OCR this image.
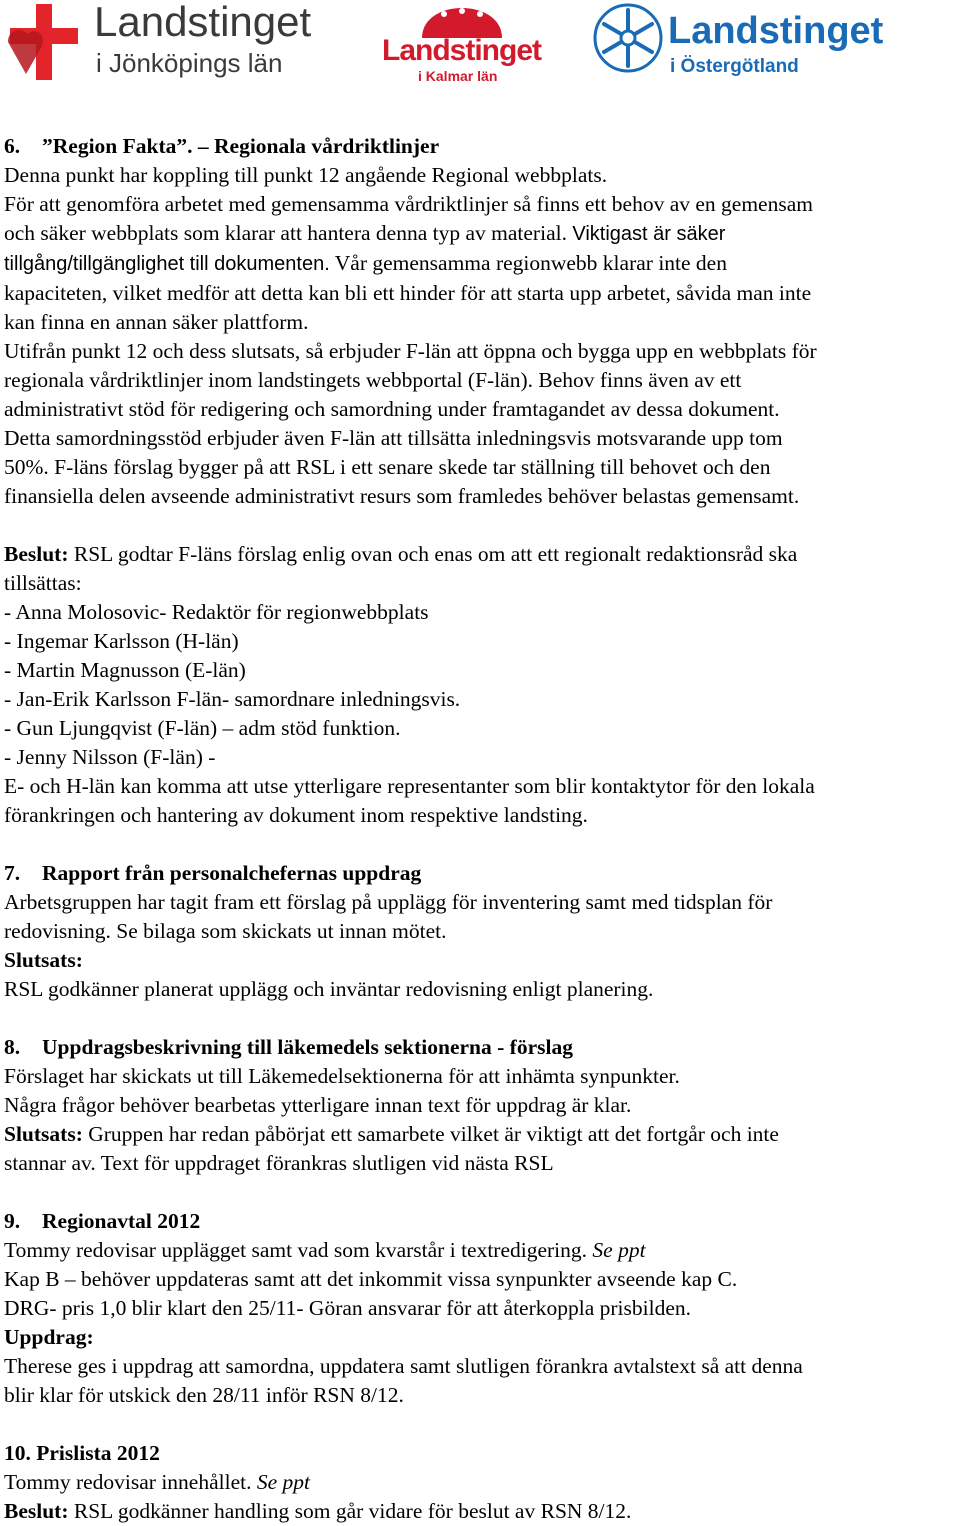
Landstinget
i Jönköpings län	Landstinget
i Kalmar län
Landstinget
i Östergötland

6. ”Region Fakta”. – Regionala vårdriktlinjer

Denna punkt har koppling till punkt 12 angående Regional webbplats.

För att genomföra arbetet med gemensamma vårdriktlinjer så finns ett behov av en gemensam

och säker webbplats som klarar att hantera denna typ av material. Viktigast är säker

tillgång/tillgänglighet till dokumenten. Vår gemensamma regionwebb klarar inte den

kapaciteten, vilket medför att detta kan bli ett hinder för att starta upp arbetet, såvida man inte

kan finna en annan säker plattform.

Utifrån punkt 12 och dess slutsats, så erbjuder F-län att öppna och bygga upp en webbplats för

regionala vårdriktlinjer inom landstingets webbportal (F-län). Behov finns även av ett

administrativt stöd för redigering och samordning under framtagandet av dessa dokument.

Detta samordningsstöd erbjuder även F-län att tillsätta inledningsvis motsvarande upp tom

50%. F-läns förslag bygger på att RSL i ett senare skede tar ställning till behovet och den

finansiella delen avseende administrativt resurs som framledes behöver belastas gemensamt.

Beslut: RSL godtar F-läns förslag enlig ovan och enas om att ett regionalt redaktionsråd ska

tillsättas:

- Anna Molosovic- Redaktör för regionwebbplats

- Ingemar Karlsson (H-län)

- Martin Magnusson (E-län)

- Jan-Erik Karlsson F-län- samordnare inledningsvis.

- Gun Ljungqvist (F-län) – adm stöd funktion.

- Jenny Nilsson (F-län) -

E- och H-län kan komma att utse ytterligare representanter som blir kontaktytor för den lokala

förankringen och hantering av dokument inom respektive landsting.

7. Rapport från personalchefernas uppdrag

Arbetsgruppen har tagit fram ett förslag på upplägg för inventering samt med tidsplan för

redovisning. Se bilaga som skickats ut innan mötet.

Slutsats:

RSL godkänner planerat upplägg och inväntar redovisning enligt planering.

8. Uppdragsbeskrivning till läkemedels sektionerna - förslag

Förslaget har skickats ut till Läkemedelsektionerna för att inhämta synpunkter.

Några frågor behöver bearbetas ytterligare innan text för uppdrag är klar.

Slutsats: Gruppen har redan påbörjat ett samarbete vilket är viktigt att det fortgår och inte

stannar av. Text för uppdraget förankras slutligen vid nästa RSL

9. Regionavtal 2012

Tommy redovisar upplägget samt vad som kvarstår i textredigering. Se ppt

Kap B – behöver uppdateras samt att det inkommit vissa synpunkter avseende kap C.

DRG- pris 1,0 blir klart den 25/11- Göran ansvarar för att återkoppla prisbilden.

Uppdrag:

Therese ges i uppdrag att samordna, uppdatera samt slutligen förankra avtalstext så att denna

blir klar för utskick den 28/11 inför RSN 8/12.

10. Prislista 2012

Tommy redovisar innehållet. Se ppt

Beslut: RSL godkänner handling som går vidare för beslut av RSN 8/12.
